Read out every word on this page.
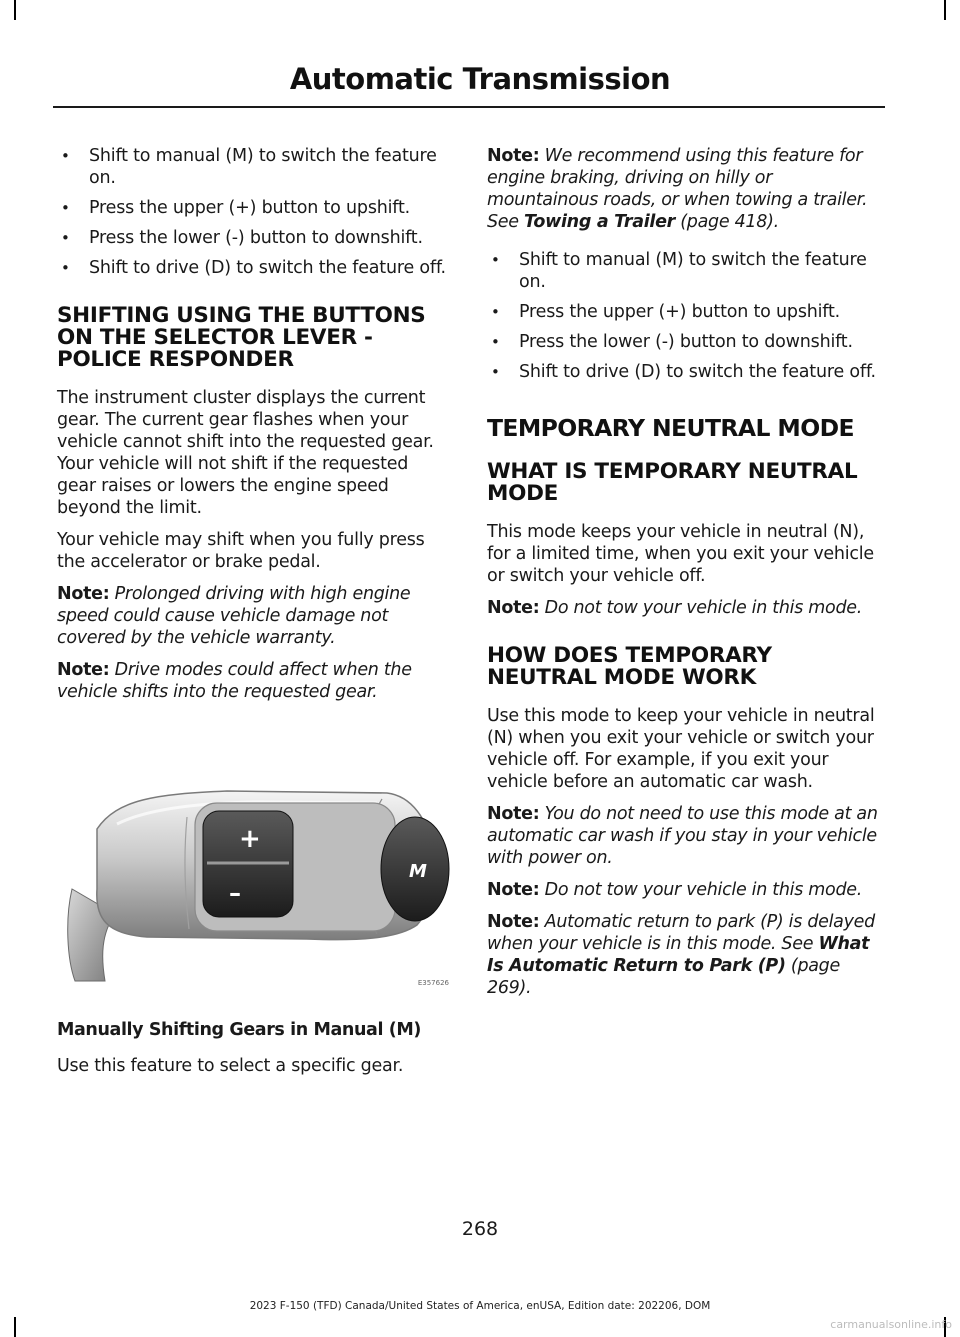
Automatic Transmission
• Shift to manual (M) to switch the feature on.
• Press the upper (+) button to upshift.
• Press the lower (-) button to downshift.
• Shift to drive (D) to switch the feature off.
SHIFTING USING THE BUTTONS ON THE SELECTOR LEVER - POLICE RESPONDER

The instrument cluster displays the current gear. The current gear flashes when your vehicle cannot shift into the requested gear. Your vehicle will not shift if the requested gear raises or lowers the engine speed beyond the limit.

Your vehicle may shift when you fully press the accelerator or brake pedal.

Note: Prolonged driving with high engine speed could cause vehicle damage not covered by the vehicle warranty.

Note: Drive modes could affect when the vehicle shifts into the requested gear.

+
–
M
E357626
Manually Shifting Gears in Manual (M)

Use this feature to select a specific gear.

Note: We recommend using this feature for engine braking, driving on hilly or mountainous roads, or when towing a trailer. See Towing a Trailer (page 418).

• Shift to manual (M) to switch the feature on.
• Press the upper (+) button to upshift.
• Press the lower (-) button to downshift.
• Shift to drive (D) to switch the feature off.
TEMPORARY NEUTRAL MODE
WHAT IS TEMPORARY NEUTRAL MODE

This mode keeps your vehicle in neutral (N), for a limited time, when you exit your vehicle or switch your vehicle off.

Note: Do not tow your vehicle in this mode.

HOW DOES TEMPORARY NEUTRAL MODE WORK

Use this mode to keep your vehicle in neutral (N) when you exit your vehicle or switch your vehicle off. For example, if you exit your vehicle before an automatic car wash.

Note: You do not need to use this mode at an automatic car wash if you stay in your vehicle with power on.

Note: Do not tow your vehicle in this mode.

Note: Automatic return to park (P) is delayed when your vehicle is in this mode. See What Is Automatic Return to Park (P) (page 269).

268
2023 F-150 (TFD) Canada/United States of America, enUSA, Edition date: 202206, DOM
carmanualsonline.info
